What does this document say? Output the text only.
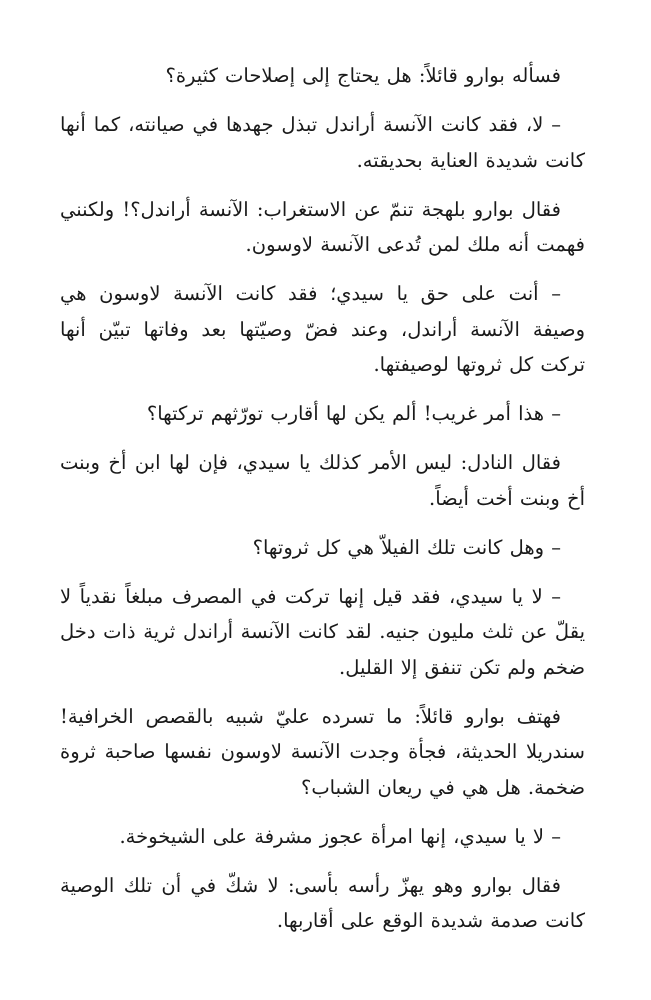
فسأله بوارو قائلاً: هل يحتاج إلى إصلاحات كثيرة؟

– لا، فقد كانت الآنسة أراندل تبذل جهدها في صيانته، كما أنها كانت شديدة العناية بحديقته.

فقال بوارو بلهجة تنمّ عن الاستغراب: الآنسة أراندل؟! ولكنني فهمت أنه ملك لمن تُدعى الآنسة لاوسون.

– أنت على حق يا سيدي؛ فقد كانت الآنسة لاوسون هي وصيفة الآنسة أراندل، وعند فضّ وصيّتها بعد وفاتها تبيّن أنها تركت كل ثروتها لوصيفتها.

– هذا أمر غريب! ألم يكن لها أقارب تورّثهم تركتها؟

فقال النادل: ليس الأمر كذلك يا سيدي، فإن لها ابن أخ وبنت أخ وبنت أخت أيضاً.

– وهل كانت تلك الفيلاّ هي كل ثروتها؟

– لا يا سيدي، فقد قيل إنها تركت في المصرف مبلغاً نقدياً لا يقلّ عن ثلث مليون جنيه. لقد كانت الآنسة أراندل ثرية ذات دخل ضخم ولم تكن تنفق إلا القليل.

فهتف بوارو قائلاً: ما تسرده عليّ شبيه بالقصص الخرافية! سندريلا الحديثة، فجأة وجدت الآنسة لاوسون نفسها صاحبة ثروة ضخمة. هل هي في ريعان الشباب؟

– لا يا سيدي، إنها امرأة عجوز مشرفة على الشيخوخة.

فقال بوارو وهو يهزّ رأسه بأسى: لا شكّ في أن تلك الوصية كانت صدمة شديدة الوقع على أقاربها.
